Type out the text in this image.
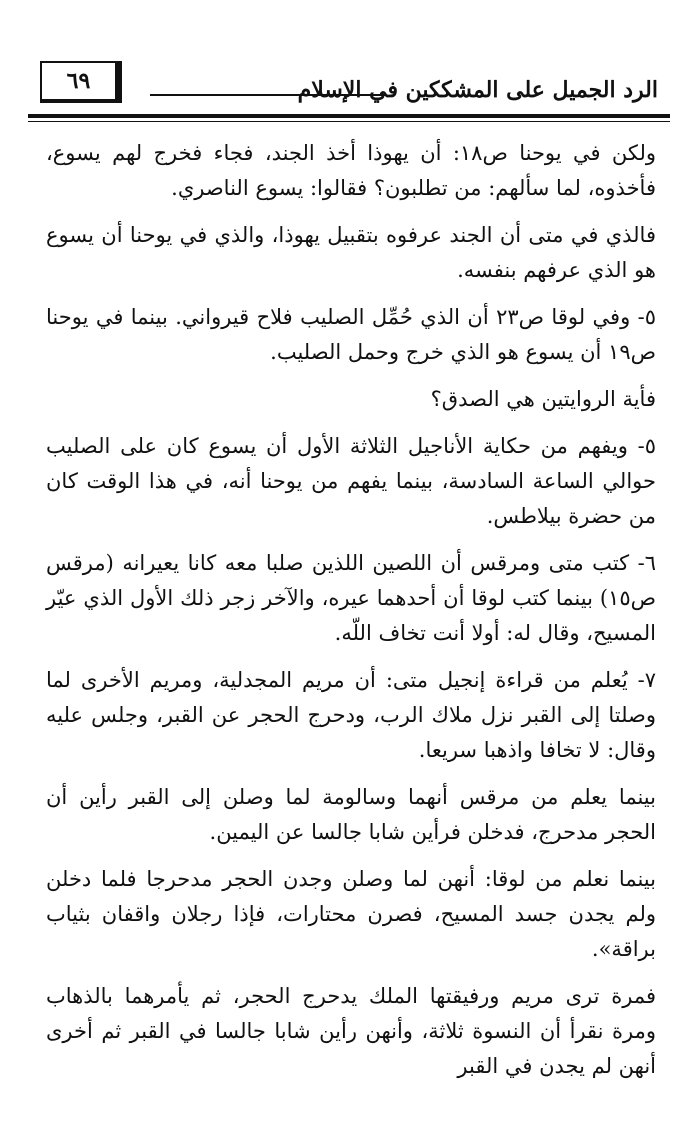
الرد الجميل على المشككين في الإسلام
٦٩

ولكن في يوحنا ص١٨: أن يهوذا أخذ الجند، فجاء فخرج لهم يسوع، فأخذوه، لما سألهم: من تطلبون؟ فقالوا: يسوع الناصري.

فالذي في متى أن الجند عرفوه بتقبيل يهوذا، والذي في يوحنا أن يسوع هو الذي عرفهم بنفسه.

٥- وفي لوقا ص٢٣ أن الذي حُمِّل الصليب فلاح قيرواني. بينما في يوحنا ص١٩ أن يسوع هو الذي خرج وحمل الصليب.

فأية الروايتين هي الصدق؟

٥- ويفهم من حكاية الأناجيل الثلاثة الأول أن يسوع كان على الصليب حوالي الساعة السادسة، بينما يفهم من يوحنا أنه، في هذا الوقت كان من حضرة بيلاطس.

٦- كتب متى ومرقس أن اللصين اللذين صلبا معه كانا يعيرانه (مرقس ص١٥) بينما كتب لوقا أن أحدهما عيره، والآخر زجر ذلك الأول الذي عيّر المسيح، وقال له: أولا أنت تخاف اللّه.

٧- يُعلم من قراءة إنجيل متى: أن مريم المجدلية، ومريم الأخرى لما وصلتا إلى القبر نزل ملاك الرب، ودحرج الحجر عن القبر، وجلس عليه وقال: لا تخافا واذهبا سريعا.

بينما يعلم من مرقس أنهما وسالومة لما وصلن إلى القبر رأين أن الحجر مدحرج، فدخلن فرأين شابا جالسا عن اليمين.

بينما نعلم من لوقا: أنهن لما وصلن وجدن الحجر مدحرجا فلما دخلن ولم يجدن جسد المسيح، فصرن محتارات، فإذا رجلان واقفان بثياب براقة».

فمرة ترى مريم ورفيقتها الملك يدحرج الحجر، ثم يأمرهما بالذهاب ومرة نقرأ أن النسوة ثلاثة، وأنهن رأين شابا جالسا في القبر ثم أخرى أنهن لم يجدن في القبر
